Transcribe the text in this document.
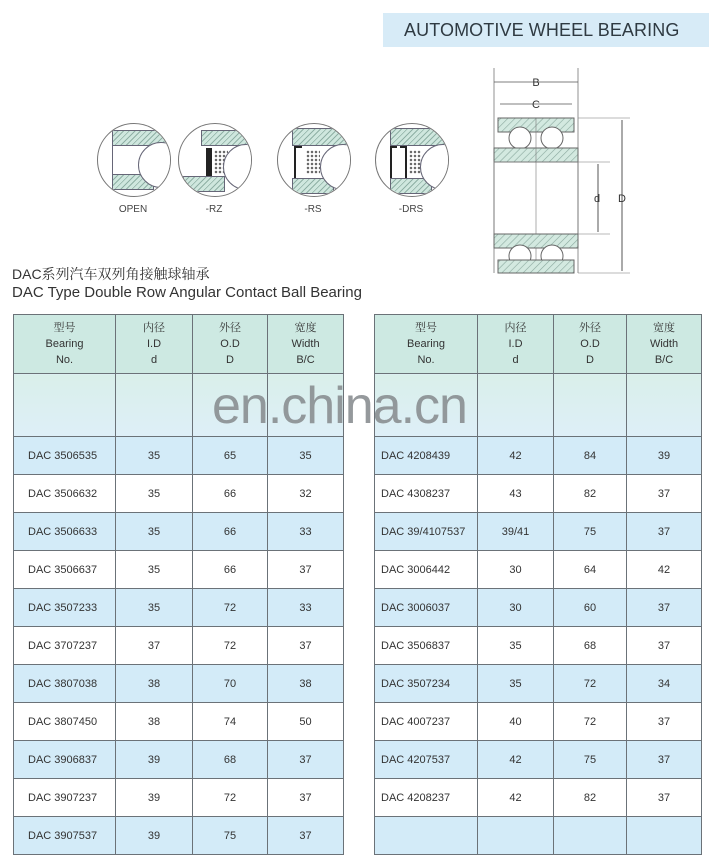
AUTOMOTIVE WHEEL BEARING
OPEN	-RZ	-RS	-DRS
B
C
d D
DAC系列汽车双列角接触球轴承
DAC Type Double Row Angular Contact Ball Bearing
型号
Bearing
No.

内径
I.D
d

外径
O.D
D

宽度
Width
B/C

DAC 3506535	35	65	35
DAC 3506632	35	66	32
DAC 3506633	35	66	33
DAC 3506637	35	66	37
DAC 3507233	35	72	33
DAC 3707237	37	72	37
DAC 3807038	38	70	38
DAC 3807450	38	74	50
DAC 3906837	39	68	37
DAC 3907237	39	72	37
DAC 3907537	39	75	37
型号
Bearing
No.

内径
I.D
d

外径
O.D
D

宽度
Width
B/C

DAC 4208439	42	84	39
DAC 4308237	43	82	37
DAC 39/4107537	39/41	75	37
DAC 3006442	30	64	42
DAC 3006037	30	60	37
DAC 3506837	35	68	37
DAC 3507234	35	72	34
DAC 4007237	40	72	37
DAC 4207537	42	75	37
DAC 4208237	42	82	37

en.china.cn
